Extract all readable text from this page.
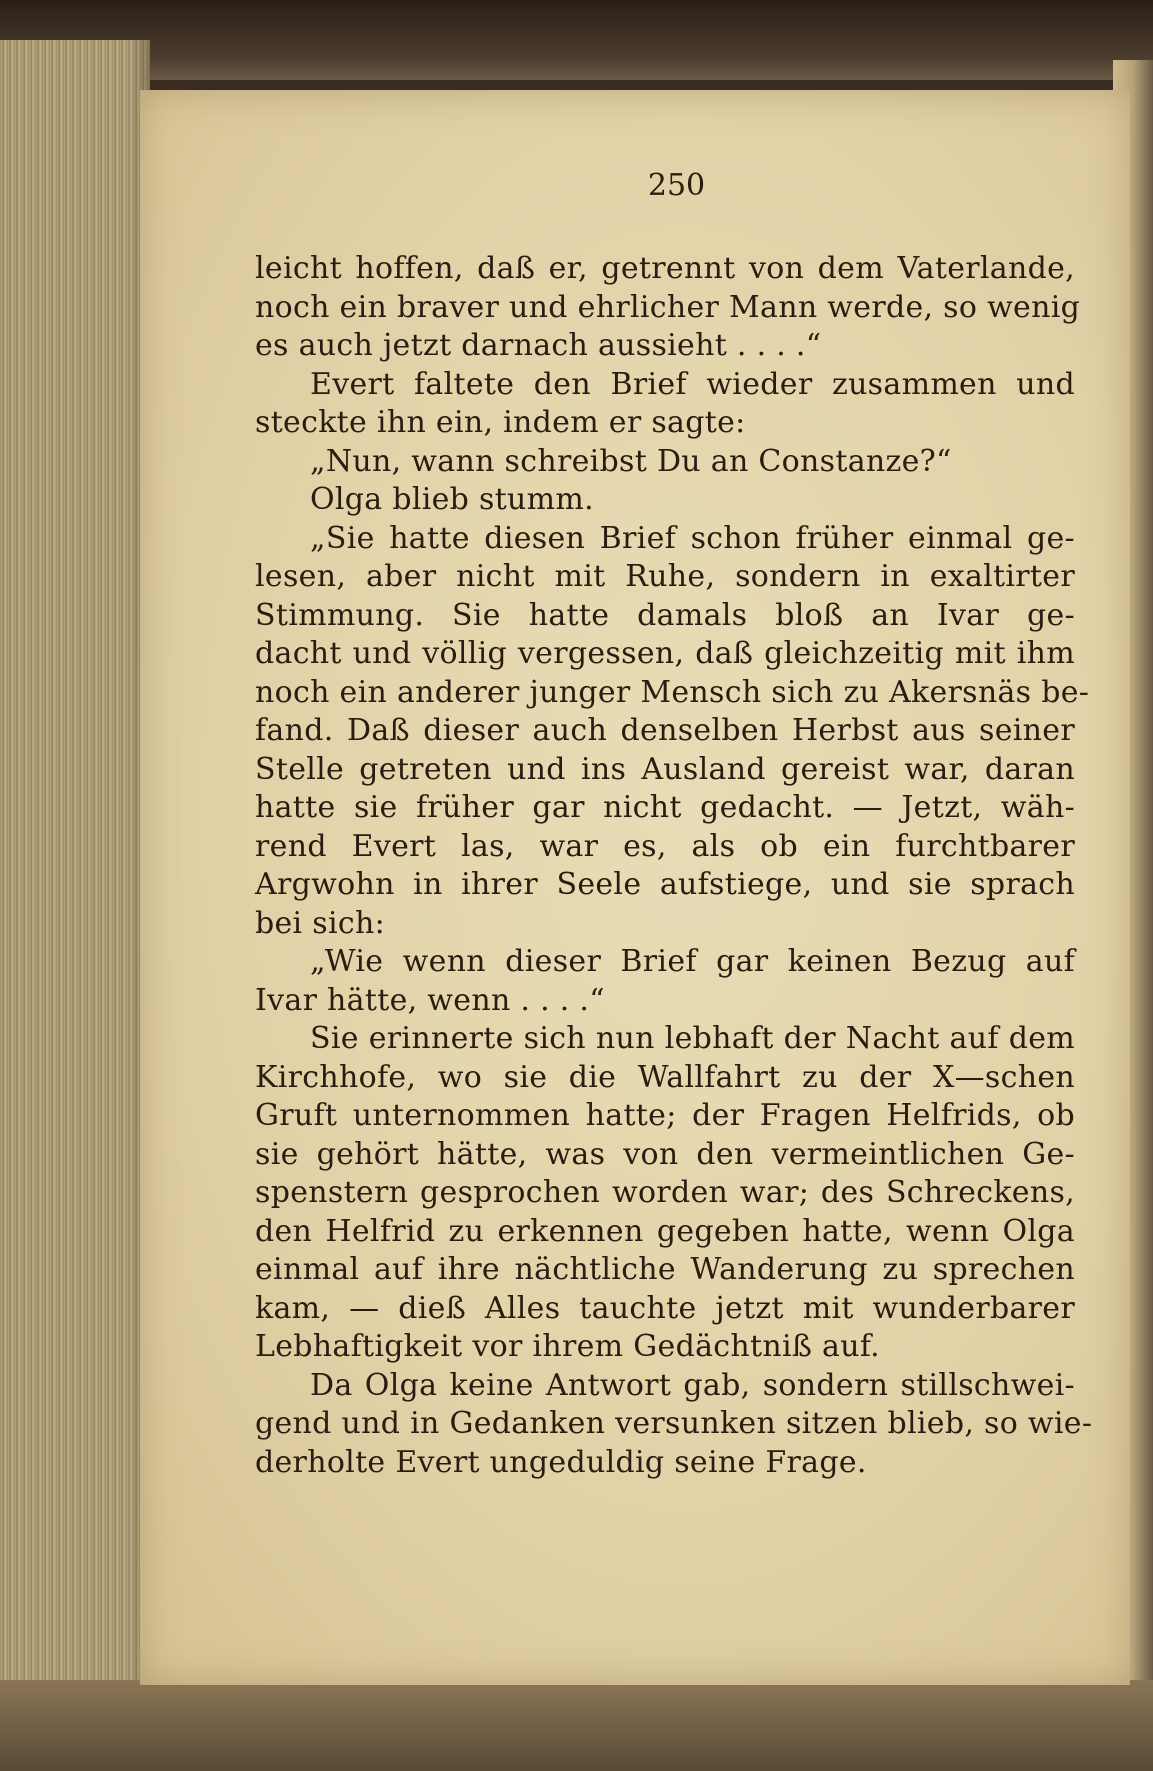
250
leicht hoffen, daß er, getrennt von dem Vaterlande,
noch ein braver und ehrlicher Mann werde, so wenig
es auch jetzt darnach aussieht . . . .“
Evert faltete den Brief wieder zusammen und
steckte ihn ein, indem er sagte:
„Nun, wann schreibst Du an Constanze?“
Olga blieb stumm.
„Sie hatte diesen Brief schon früher einmal ge-
lesen, aber nicht mit Ruhe, sondern in exaltirter
Stimmung. Sie hatte damals bloß an Ivar ge-
dacht und völlig vergessen, daß gleichzeitig mit ihm
noch ein anderer junger Mensch sich zu Akersnäs be-
fand. Daß dieser auch denselben Herbst aus seiner
Stelle getreten und ins Ausland gereist war, daran
hatte sie früher gar nicht gedacht. — Jetzt, wäh-
rend Evert las, war es, als ob ein furchtbarer
Argwohn in ihrer Seele aufstiege, und sie sprach
bei sich:
„Wie wenn dieser Brief gar keinen Bezug auf
Ivar hätte, wenn . . . .“
Sie erinnerte sich nun lebhaft der Nacht auf dem
Kirchhofe, wo sie die Wallfahrt zu der X—schen
Gruft unternommen hatte; der Fragen Helfrids, ob
sie gehört hätte, was von den vermeintlichen Ge-
spenstern gesprochen worden war; des Schreckens,
den Helfrid zu erkennen gegeben hatte, wenn Olga
einmal auf ihre nächtliche Wanderung zu sprechen
kam, — dieß Alles tauchte jetzt mit wunderbarer
Lebhaftigkeit vor ihrem Gedächtniß auf.
Da Olga keine Antwort gab, sondern stillschwei-
gend und in Gedanken versunken sitzen blieb, so wie-
derholte Evert ungeduldig seine Frage.
